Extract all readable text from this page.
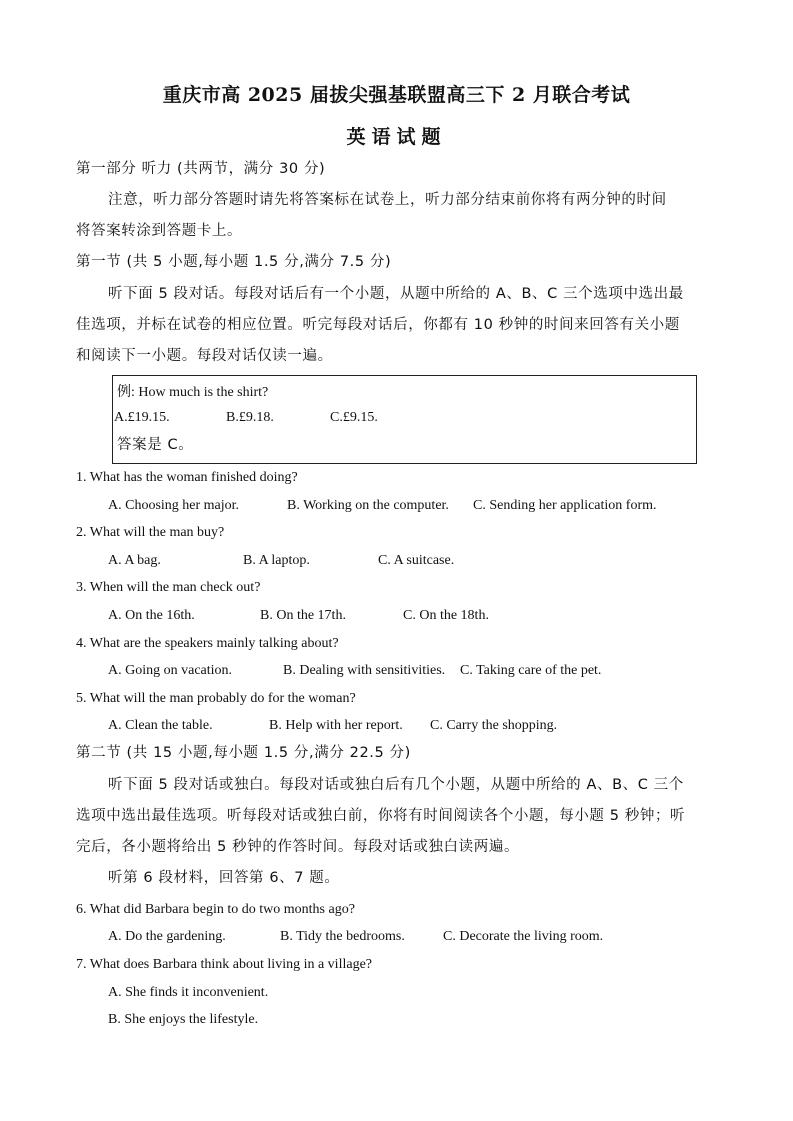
重庆市高 2025 届拔尖强基联盟高三下 2 月联合考试
英语试题
第一部分 听力 (共两节，满分 30 分)
注意，听力部分答题时请先将答案标在试卷上，听力部分结束前你将有两分钟的时间
将答案转涂到答题卡上。
第一节 (共 5 小题,每小题 1.5 分,满分 7.5 分)
听下面 5 段对话。每段对话后有一个小题，从题中所给的 A、B、C 三个选项中选出最
佳选项，并标在试卷的相应位置。听完每段对话后，你都有 10 秒钟的时间来回答有关小题
和阅读下一小题。每段对话仅读一遍。
例: How much is the shirt?
A.£19.15.	B.£9.18.	C.£9.15.
答案是 C。
1. What has the woman finished doing?
A. Choosing her major.	B. Working on the computer. C. Sending her application form.
2. What will the man buy?
A. A bag.	B. A laptop.	C. A suitcase.
3. When will the man check out?
A. On the 16th.	B. On the 17th.	C. On the 18th.
4. What are the speakers mainly talking about?
A. Going on vacation.	B. Dealing with sensitivities. C. Taking care of the pet.
5. What will the man probably do for the woman?
A. Clean the table.	B. Help with her report. C. Carry the shopping.
第二节 (共 15 小题,每小题 1.5 分,满分 22.5 分)
听下面 5 段对话或独白。每段对话或独白后有几个小题，从题中所给的 A、B、C 三个
选项中选出最佳选项。听每段对话或独白前，你将有时间阅读各个小题，每小题 5 秒钟；听
完后，各小题将给出 5 秒钟的作答时间。每段对话或独白读两遍。
听第 6 段材料，回答第 6、7 题。
6. What did Barbara begin to do two months ago?
A. Do the gardening.	B. Tidy the bedrooms.	C. Decorate the living room.
7. What does Barbara think about living in a village?
A. She finds it inconvenient.
B. She enjoys the lifestyle.
